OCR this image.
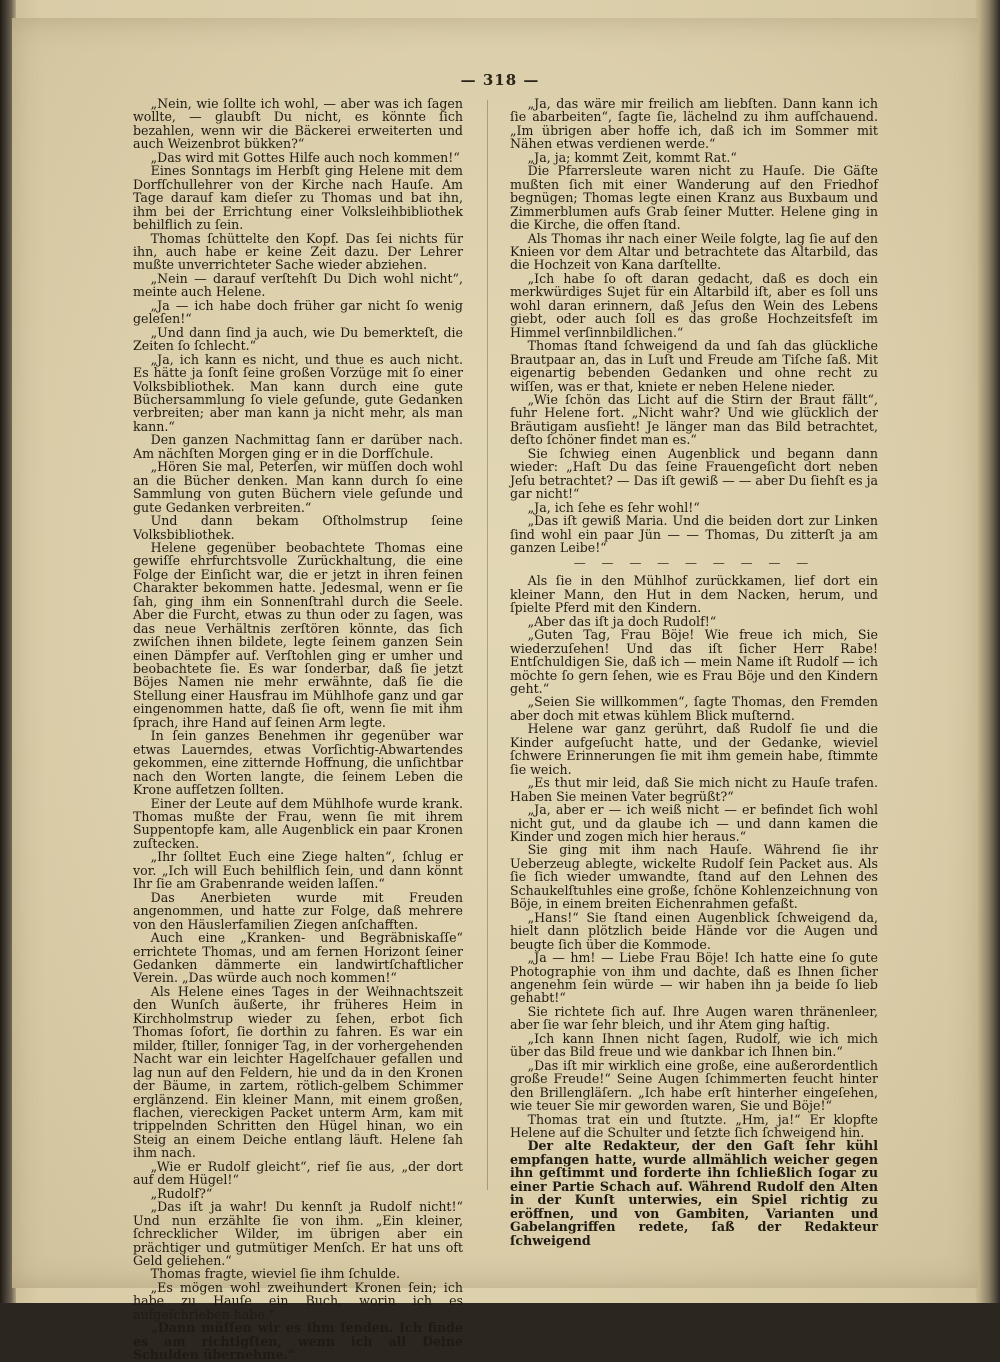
— 318 —

„Nein, wie ſollte ich wohl, — aber was ich ſagen wollte, — glaubſt Du nicht, es könnte ſich bezahlen, wenn wir die Bäckerei erweiterten und auch Weizenbrot bükken?“

„Das wird mit Gottes Hilfe auch noch kommen!“

Eines Sonntags im Herbſt ging Helene mit dem Dorfſchullehrer von der Kirche nach Hauſe. Am Tage darauf kam dieſer zu Thomas und bat ihn, ihm bei der Errichtung einer Volksleihbibliothek behilflich zu ſein.

Thomas ſchüttelte den Kopf. Das ſei nichts für ihn, auch habe er keine Zeit dazu. Der Lehrer mußte unverrichteter Sache wieder abziehen.

„Nein — darauf verſtehſt Du Dich wohl nicht“, meinte auch Helene.

„Ja — ich habe doch früher gar nicht ſo wenig geleſen!“

„Und dann ſind ja auch, wie Du bemerkteſt, die Zeiten ſo ſchlecht.“

„Ja, ich kann es nicht, und thue es auch nicht. Es hätte ja ſonſt ſeine großen Vorzüge mit ſo einer Volksbibliothek. Man kann durch eine gute Büchersammlung ſo viele geſunde, gute Gedanken verbreiten; aber man kann ja nicht mehr, als man kann.“

Den ganzen Nachmittag ſann er darüber nach. Am nächſten Morgen ging er in die Dorfſchule.

„Hören Sie mal, Peterſen, wir müſſen doch wohl an die Bücher denken. Man kann durch ſo eine Sammlung von guten Büchern viele geſunde und gute Gedanken verbreiten.“

Und dann bekam Oſtholmstrup ſeine Volksbibliothek.

Helene gegenüber beobachtete Thomas eine gewiſſe ehrfurchtsvolle Zurückhaltung, die eine Folge der Einſicht war, die er jetzt in ihren feinen Charakter bekommen hatte. Jedesmal, wenn er ſie ſah, ging ihm ein Sonnenſtrahl durch die Seele. Aber die Furcht, etwas zu thun oder zu ſagen, was das neue Verhältnis zerſtören könnte, das ſich zwiſchen ihnen bildete, legte ſeinem ganzen Sein einen Dämpfer auf. Verſtohlen ging er umher und beobachtete ſie. Es war ſonderbar, daß ſie jetzt Böjes Namen nie mehr erwähnte, daß ſie die Stellung einer Hausfrau im Mühlhofe ganz und gar eingenommen hatte, daß ſie oft, wenn ſie mit ihm ſprach, ihre Hand auf ſeinen Arm legte.

In ſein ganzes Benehmen ihr gegenüber war etwas Lauerndes, etwas Vorſichtig-Abwartendes gekommen, eine zitternde Hoffnung, die unſichtbar nach den Worten langte, die ſeinem Leben die Krone aufſetzen ſollten.

Einer der Leute auf dem Mühlhofe wurde krank. Thomas mußte der Frau, wenn ſie mit ihrem Suppentopfe kam, alle Augenblick ein paar Kronen zuſtecken.

„Ihr ſolltet Euch eine Ziege halten“, ſchlug er vor. „Ich will Euch behilflich ſein, und dann könnt Ihr ſie am Grabenrande weiden laſſen.“

Das Anerbieten wurde mit Freuden angenommen, und hatte zur Folge, daß mehrere von den Häuslerfamilien Ziegen anſchafften.

Auch eine „Kranken- und Begräbniskaſſe“ errichtete Thomas, und am fernen Horizont ſeiner Gedanken dämmerte ein landwirtſchaftlicher Verein. „Das würde auch noch kommen!“

Als Helene eines Tages in der Weihnachtszeit den Wunſch äußerte, ihr früheres Heim in Kirchholmstrup wieder zu ſehen, erbot ſich Thomas ſofort, ſie dorthin zu fahren. Es war ein milder, ſtiller, ſonniger Tag, in der vorhergehenden Nacht war ein leichter Hagelſchauer gefallen und lag nun auf den Feldern, hie und da in den Kronen der Bäume, in zartem, rötlich-gelbem Schimmer erglänzend. Ein kleiner Mann, mit einem großen, flachen, viereckigen Packet unterm Arm, kam mit trippelnden Schritten den Hügel hinan, wo ein Steig an einem Deiche entlang läuft. Helene ſah ihm nach.

„Wie er Rudolf gleicht“, rief ſie aus, „der dort auf dem Hügel!“

„Rudolf?“

„Das iſt ja wahr! Du kennſt ja Rudolf nicht!“ Und nun erzählte ſie von ihm. „Ein kleiner, ſchrecklicher Wilder, im übrigen aber ein prächtiger und gutmütiger Menſch. Er hat uns oft Geld geliehen.“

Thomas fragte, wieviel ſie ihm ſchulde.

„Es mögen wohl zweihundert Kronen ſein; ich habe zu Hauſe ein Buch, worin ich es aufgeſchrieben habe.“

„Dann müſſen wir es ihm ſenden. Ich finde es am richtigſten, wenn ich all Deine Schulden übernehme.“

„Ja, das wäre mir freilich am liebſten. Dann kann ich ſie abarbeiten“, ſagte ſie, lächelnd zu ihm aufſchauend. „Im übrigen aber hoffe ich, daß ich im Sommer mit Nähen etwas verdienen werde.“

„Ja, ja; kommt Zeit, kommt Rat.“

Die Pfarrersleute waren nicht zu Hauſe. Die Gäſte mußten ſich mit einer Wanderung auf den Friedhof begnügen; Thomas legte einen Kranz aus Buxbaum und Zimmerblumen aufs Grab ſeiner Mutter. Helene ging in die Kirche, die offen ſtand.

Als Thomas ihr nach einer Weile folgte, lag ſie auf den Knieen vor dem Altar und betrachtete das Altarbild, das die Hochzeit von Kana darſtellte.

„Ich habe ſo oft daran gedacht, daß es doch ein merkwürdiges Sujet für ein Altarbild iſt, aber es ſoll uns wohl daran erinnern, daß Jeſus den Wein des Lebens giebt, oder auch ſoll es das große Hochzeitsfeſt im Himmel verſinnbildlichen.“

Thomas ſtand ſchweigend da und ſah das glückliche Brautpaar an, das in Luſt und Freude am Tiſche ſaß. Mit eigenartig bebenden Gedanken und ohne recht zu wiſſen, was er that, kniete er neben Helene nieder.

„Wie ſchön das Licht auf die Stirn der Braut fällt“, fuhr Helene fort. „Nicht wahr? Und wie glücklich der Bräutigam ausſieht! Je länger man das Bild betrachtet, deſto ſchöner findet man es.“

Sie ſchwieg einen Augenblick und begann dann wieder: „Haſt Du das ſeine Frauengeſicht dort neben Jeſu betrachtet? — Das iſt gewiß — — aber Du ſiehſt es ja gar nicht!“

„Ja, ich ſehe es ſehr wohl!“

„Das iſt gewiß Maria. Und die beiden dort zur Linken ſind wohl ein paar Jün — — Thomas, Du zitterſt ja am ganzen Leibe!“

— — — — — — — — —

Als ſie in den Mühlhof zurückkamen, lief dort ein kleiner Mann, den Hut in dem Nacken, herum, und ſpielte Pferd mit den Kindern.

„Aber das iſt ja doch Rudolf!“

„Guten Tag, Frau Böje! Wie freue ich mich, Sie wiederzuſehen! Und das iſt ſicher Herr Rabe! Entſchuldigen Sie, daß ich — mein Name iſt Rudolf — ich möchte ſo gern ſehen, wie es Frau Böje und den Kindern geht.“

„Seien Sie willkommen“, ſagte Thomas, den Fremden aber doch mit etwas kühlem Blick muſternd.

Helene war ganz gerührt, daß Rudolf ſie und die Kinder aufgeſucht hatte, und der Gedanke, wieviel ſchwere Erinnerungen ſie mit ihm gemein habe, ſtimmte ſie weich.

„Es thut mir leid, daß Sie mich nicht zu Hauſe trafen. Haben Sie meinen Vater begrüßt?“

„Ja, aber er — ich weiß nicht — er befindet ſich wohl nicht gut, und da glaube ich — und dann kamen die Kinder und zogen mich hier heraus.“

Sie ging mit ihm nach Hauſe. Während ſie ihr Ueberzeug ablegte, wickelte Rudolf ſein Packet aus. Als ſie ſich wieder umwandte, ſtand auf den Lehnen des Schaukelſtuhles eine große, ſchöne Kohlenzeichnung von Böje, in einem breiten Eichenrahmen gefaßt.

„Hans!“ Sie ſtand einen Augenblick ſchweigend da, hielt dann plötzlich beide Hände vor die Augen und beugte ſich über die Kommode.

„Ja — hm! — Liebe Frau Böje! Ich hatte eine ſo gute Photographie von ihm und dachte, daß es Ihnen ſicher angenehm ſein würde — wir haben ihn ja beide ſo lieb gehabt!“

Sie richtete ſich auf. Ihre Augen waren thränenleer, aber ſie war ſehr bleich, und ihr Atem ging haſtig.

„Ich kann Ihnen nicht ſagen, Rudolf, wie ich mich über das Bild freue und wie dankbar ich Ihnen bin.“

„Das iſt mir wirklich eine große, eine außerordentlich große Freude!“ Seine Augen ſchimmerten feucht hinter den Brillengläſern. „Ich habe erſt hinterher eingeſehen, wie teuer Sie mir geworden waren, Sie und Böje!“

Thomas trat ein und ſtutzte. „Hm, ja!“ Er klopfte Helene auf die Schulter und ſetzte ſich ſchweigend hin.

Der alte Redakteur, der den Gaſt ſehr kühl empfangen hatte, wurde allmählich weicher gegen ihn geſtimmt und forderte ihn ſchließlich ſogar zu einer Partie Schach auf. Während Rudolf den Alten in der Kunſt unterwies, ein Spiel richtig zu eröffnen, und von Gambiten, Varianten und Gabelangriffen redete, ſaß der Redakteur ſchweigend
